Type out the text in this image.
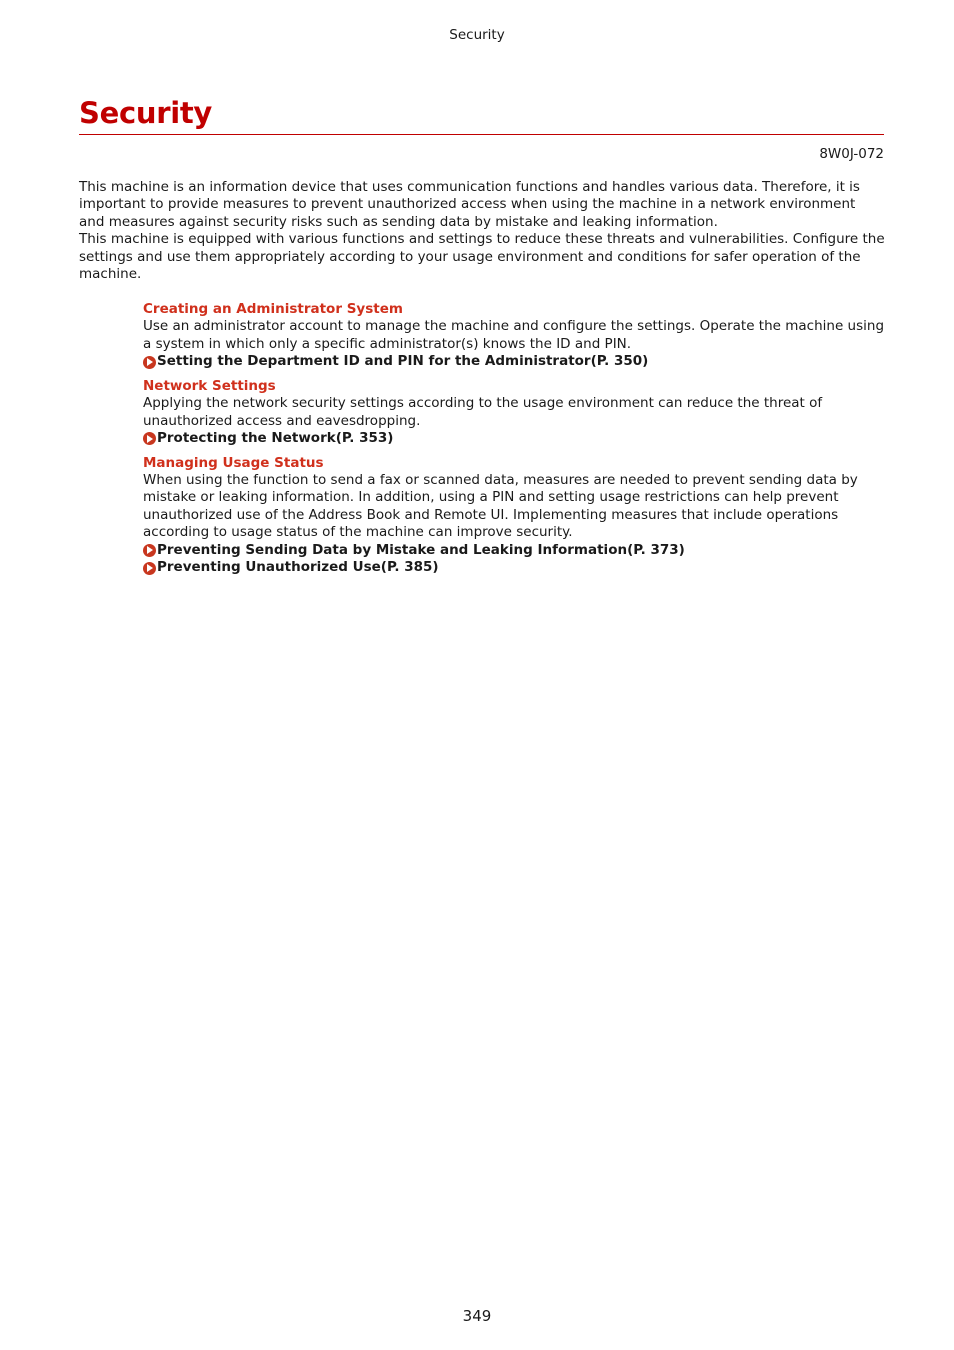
Security
Security
8W0J-072

This machine is an information device that uses communication functions and handles various data. Therefore, it is important to provide measures to prevent unauthorized access when using the machine in a network environment and measures against security risks such as sending data by mistake and leaking information.

This machine is equipped with various functions and settings to reduce these threats and vulnerabilities. Configure the settings and use them appropriately according to your usage environment and conditions for safer operation of the machine.

Creating an Administrator System

Use an administrator account to manage the machine and configure the settings. Operate the machine using a system in which only a specific administrator(s) knows the ID and PIN.

Setting the Department ID and PIN for the Administrator(P. 350)

Network Settings

Applying the network security settings according to the usage environment can reduce the threat of unauthorized access and eavesdropping.

Protecting the Network(P. 353)

Managing Usage Status

When using the function to send a fax or scanned data, measures are needed to prevent sending data by mistake or leaking information. In addition, using a PIN and setting usage restrictions can help prevent unauthorized use of the Address Book and Remote UI. Implementing measures that include operations according to usage status of the machine can improve security.

Preventing Sending Data by Mistake and Leaking Information(P. 373)
Preventing Unauthorized Use(P. 385)
349
